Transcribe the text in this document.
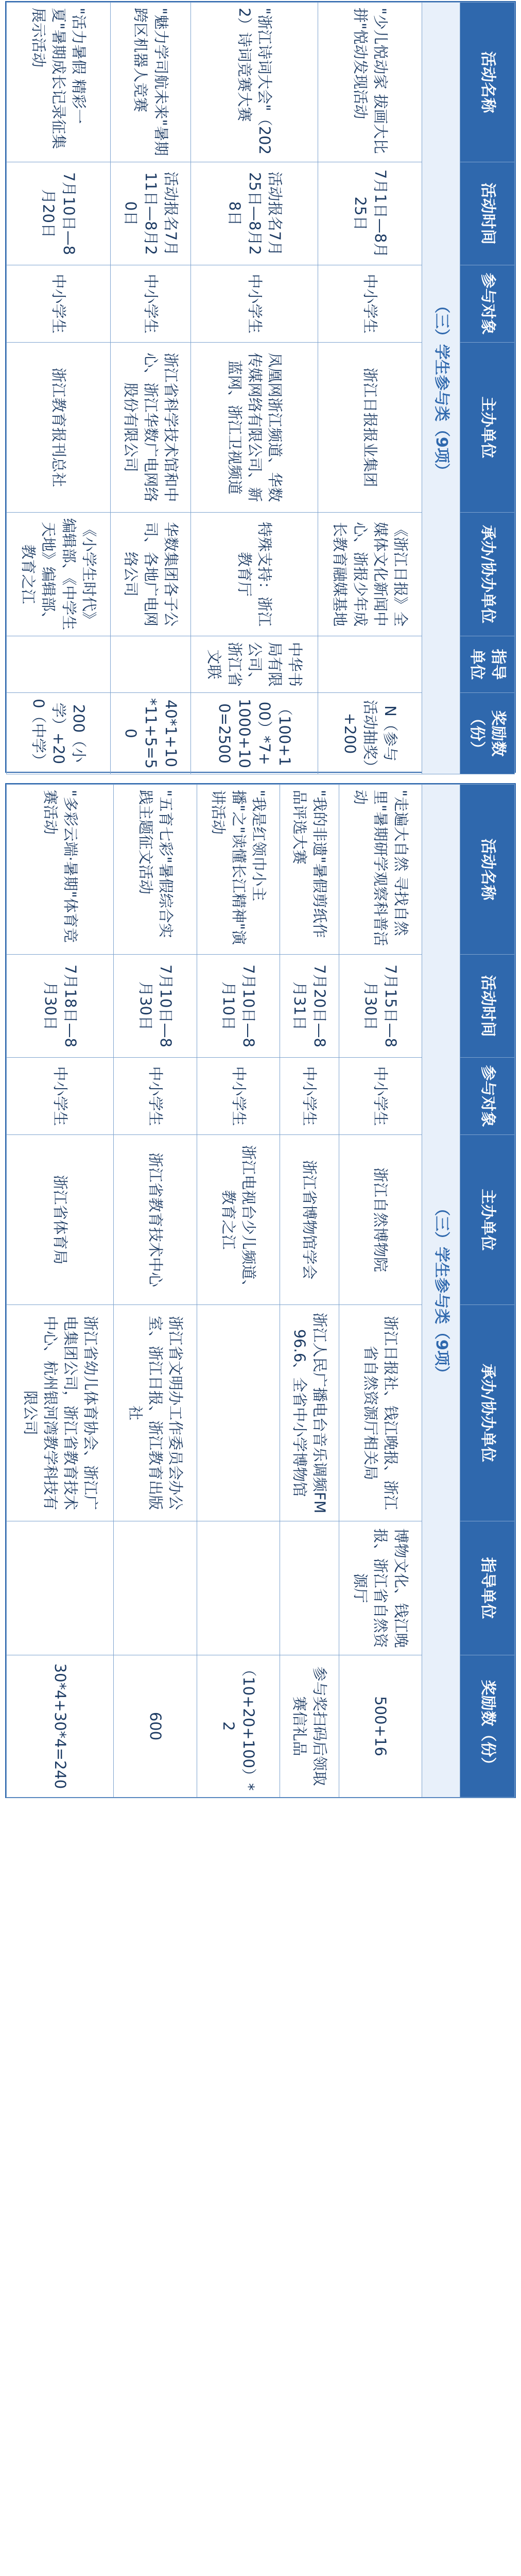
活动名称	活动时间	参与对象	主办单位	承办/协办单位	指导单位	奖励数（份）
（三）学生参与类（9项）						
"少儿悦动家 拔画大比拼"悦动发现活动	7月1日—8月25日	中小学生	浙江日报报业集团	《浙江日报》全媒体文化新闻中心、浙报少年成长教育融媒基地		N（参与活动抽奖）+200
"浙江诗词大会"（2022）诗词竞赛大赛	活动报名7月25日—8月28日	中小学生	凤凰网浙江频道、华数传媒网络有限公司、新蓝网、浙江卫视频道	特殊支持：浙江教育厅	中华书局有限公司、浙江省文联	（100+100）*7+1000+100=2500
"魅力学司航未来"暑期跨区机器人竞赛	活动报名7月11日—8月20日	中小学生	浙江省科学技术馆和中心、浙江华数广电网络股份有限公司	华数集团各子公司、各地广电网络公司		40*1+10*11+5=50
"活力暑假 精彩一夏"暑期成长记录征集展示活动	7月10日—8月20日	中小学生	浙江教育报刊总社	《小学生时代》编辑部、《中学生天地》编辑部、教育之江		200（小学）+200（中学）
活动名称	活动时间	参与对象	主办单位	承办/协办单位	指导单位	奖励数（份）
（三）学生参与类（9项）						
"走遍大自然 寻找自然里"暑期研学观察科普活动	7月15日—8月30日	中小学生	浙江自然博物院	浙江日报社、钱江晚报、浙江省自然资源厅相关局	博物文化、钱江晚报、浙江省自然资源厅	500+16
"我的非遗"暑假剪纸作品评选大赛	7月20日—8月31日	中小学生	浙江省博物馆学会	浙江人民广播电台音乐调频FM96.6、全省中小学博物馆		参与奖扫码后领取赛信礼品
"我是红领巾小主播"之"读懂长江精神"演讲活动	7月10日—8月10日	中小学生	浙江电视台少儿频道、教育之江			（10+20+100）*2
"五育七彩"暑假综合实践主题征文活动	7月10日—8月30日	中小学生	浙江省教育技术中心	浙江省文明办工作委员会办公室、浙江日报、浙江教育出版社		600
"多彩云端·暑期"体育竞赛活动	7月18日—8月30日	中小学生	浙江省体育局	浙江省幼儿体育协会、浙江广电集团公司，浙江省教育技术中心、杭州银河湾教学科技有限公司		30*4+30*4=240
